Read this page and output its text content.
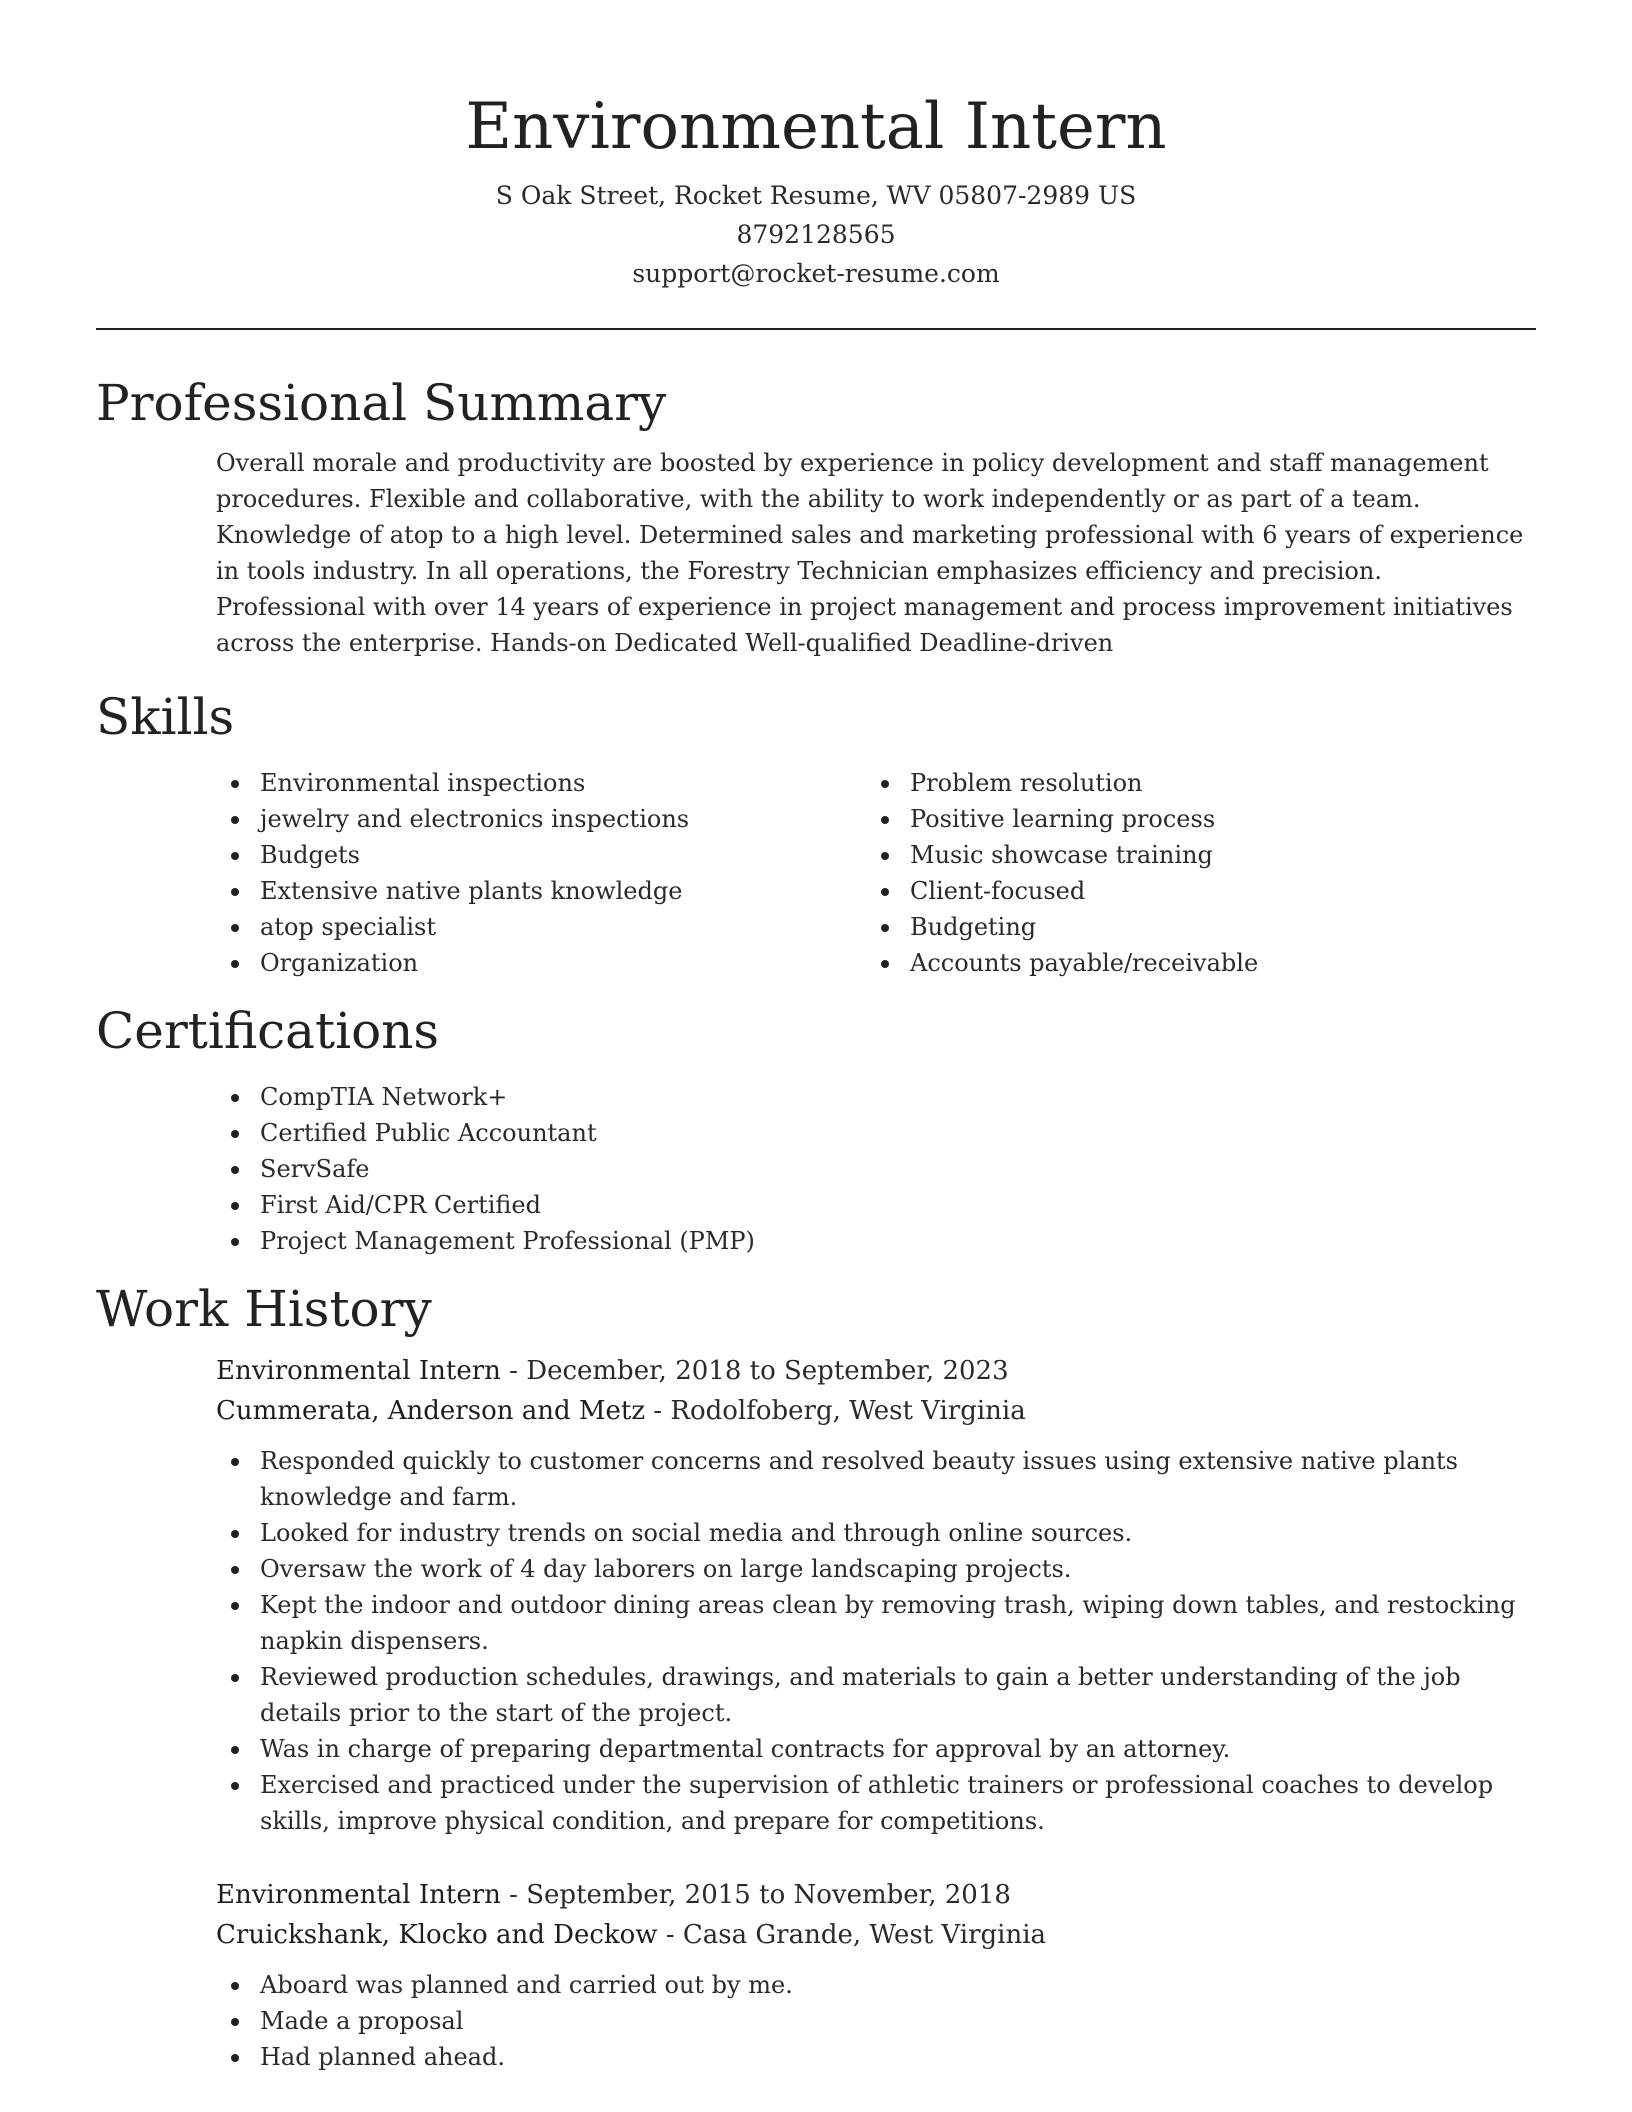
Environmental Intern
S Oak Street, Rocket Resume, WV 05807-2989 US
8792128565
support@rocket-resume.com
Professional Summary
Overall morale and productivity are boosted by experience in policy development and staff management procedures. Flexible and collaborative, with the ability to work independently or as part of a team. Knowledge of atop to a high level. Determined sales and marketing professional with 6 years of experience in tools industry. In all operations, the Forestry Technician emphasizes efficiency and precision. Professional with over 14 years of experience in project management and process improvement initiatives across the enterprise. Hands-on Dedicated Well-qualified Deadline-driven
Skills
Environmental inspections
jewelry and electronics inspections
Budgets
Extensive native plants knowledge
atop specialist
Organization
Problem resolution
Positive learning process
Music showcase training
Client-focused
Budgeting
Accounts payable/receivable
Certifications
CompTIA Network+
Certified Public Accountant
ServSafe
First Aid/CPR Certified
Project Management Professional (PMP)
Work History
Environmental Intern - December, 2018 to September, 2023
Cummerata, Anderson and Metz - Rodolfoberg, West Virginia
Responded quickly to customer concerns and resolved beauty issues using extensive native plants knowledge and farm.
Looked for industry trends on social media and through online sources.
Oversaw the work of 4 day laborers on large landscaping projects.
Kept the indoor and outdoor dining areas clean by removing trash, wiping down tables, and restocking napkin dispensers.
Reviewed production schedules, drawings, and materials to gain a better understanding of the job details prior to the start of the project.
Was in charge of preparing departmental contracts for approval by an attorney.
Exercised and practiced under the supervision of athletic trainers or professional coaches to develop skills, improve physical condition, and prepare for competitions.
Environmental Intern - September, 2015 to November, 2018
Cruickshank, Klocko and Deckow - Casa Grande, West Virginia
Aboard was planned and carried out by me.
Made a proposal
Had planned ahead.
